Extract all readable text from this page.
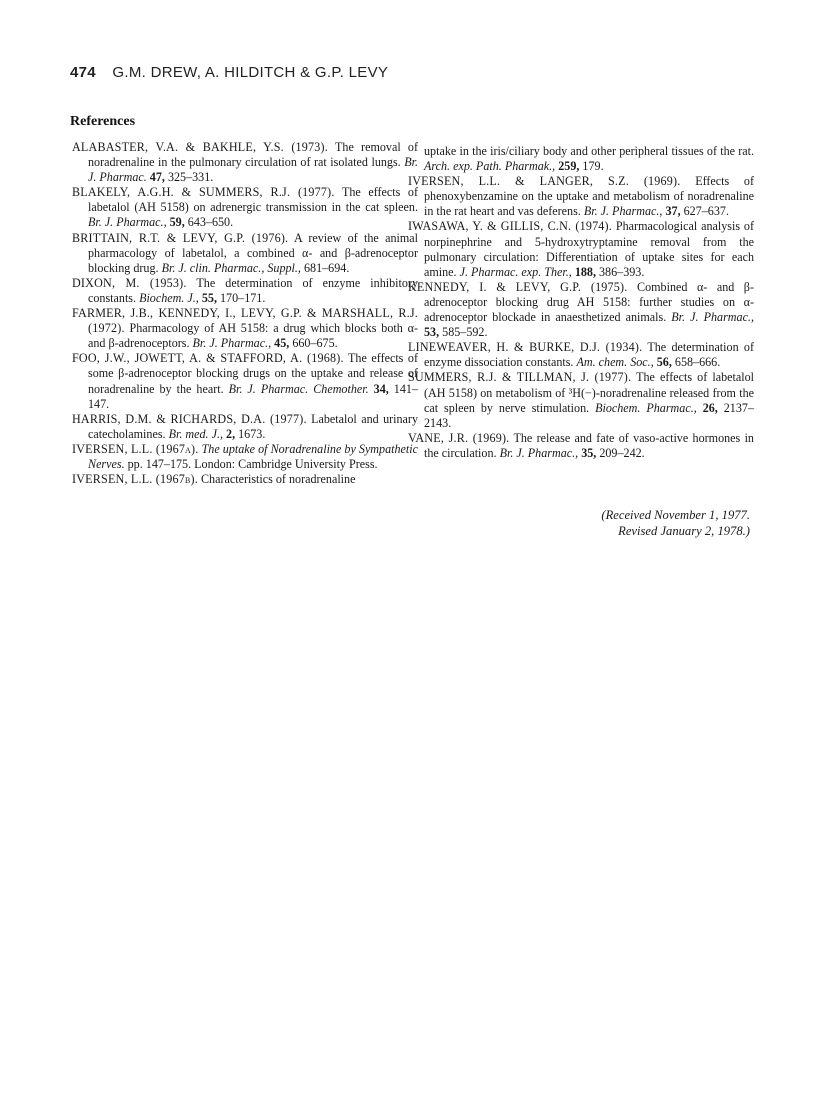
474 G.M. DREW, A. HILDITCH & G.P. LEVY
References

ALABASTER, V.A. & BAKHLE, Y.S. (1973). The removal of noradrenaline in the pulmonary circulation of rat isolated lungs. Br. J. Pharmac. 47, 325–331.

BLAKELY, A.G.H. & SUMMERS, R.J. (1977). The effects of labetalol (AH 5158) on adrenergic transmission in the cat spleen. Br. J. Pharmac., 59, 643–650.

BRITTAIN, R.T. & LEVY, G.P. (1976). A review of the animal pharmacology of labetalol, a combined α- and β-adrenoceptor blocking drug. Br. J. clin. Pharmac., Suppl., 681–694.

DIXON, M. (1953). The determination of enzyme inhibitory constants. Biochem. J., 55, 170–171.

FARMER, J.B., KENNEDY, I., LEVY, G.P. & MARSHALL, R.J. (1972). Pharmacology of AH 5158: a drug which blocks both α- and β-adrenoceptors. Br. J. Pharmac., 45, 660–675.

FOO, J.W., JOWETT, A. & STAFFORD, A. (1968). The effects of some β-adrenoceptor blocking drugs on the uptake and release of noradrenaline by the heart. Br. J. Pharmac. Chemother. 34, 141–147.

HARRIS, D.M. & RICHARDS, D.A. (1977). Labetalol and urinary catecholamines. Br. med. J., 2, 1673.

IVERSEN, L.L. (1967a). The uptake of Noradrenaline by Sympathetic Nerves. pp. 147–175. London: Cambridge University Press.

IVERSEN, L.L. (1967b). Characteristics of noradrenaline

uptake in the iris/ciliary body and other peripheral tissues of the rat. Arch. exp. Path. Pharmak., 259, 179.

IVERSEN, L.L. & LANGER, S.Z. (1969). Effects of phenoxybenzamine on the uptake and metabolism of noradrenaline in the rat heart and vas deferens. Br. J. Pharmac., 37, 627–637.

IWASAWA, Y. & GILLIS, C.N. (1974). Pharmacological analysis of norpinephrine and 5-hydroxytryptamine removal from the pulmonary circulation: Differentiation of uptake sites for each amine. J. Pharmac. exp. Ther., 188, 386–393.

KENNEDY, I. & LEVY, G.P. (1975). Combined α- and β-adrenoceptor blocking drug AH 5158: further studies on α-adrenoceptor blockade in anaesthetized animals. Br. J. Pharmac., 53, 585–592.

LINEWEAVER, H. & BURKE, D.J. (1934). The determination of enzyme dissociation constants. Am. chem. Soc., 56, 658–666.

SUMMERS, R.J. & TILLMAN, J. (1977). The effects of labetalol (AH 5158) on metabolism of ³H(−)-noradrenaline released from the cat spleen by nerve stimulation. Biochem. Pharmac., 26, 2137–2143.

VANE, J.R. (1969). The release and fate of vaso-active hormones in the circulation. Br. J. Pharmac., 35, 209–242.

(Received November 1, 1977.
Revised January 2, 1978.)
